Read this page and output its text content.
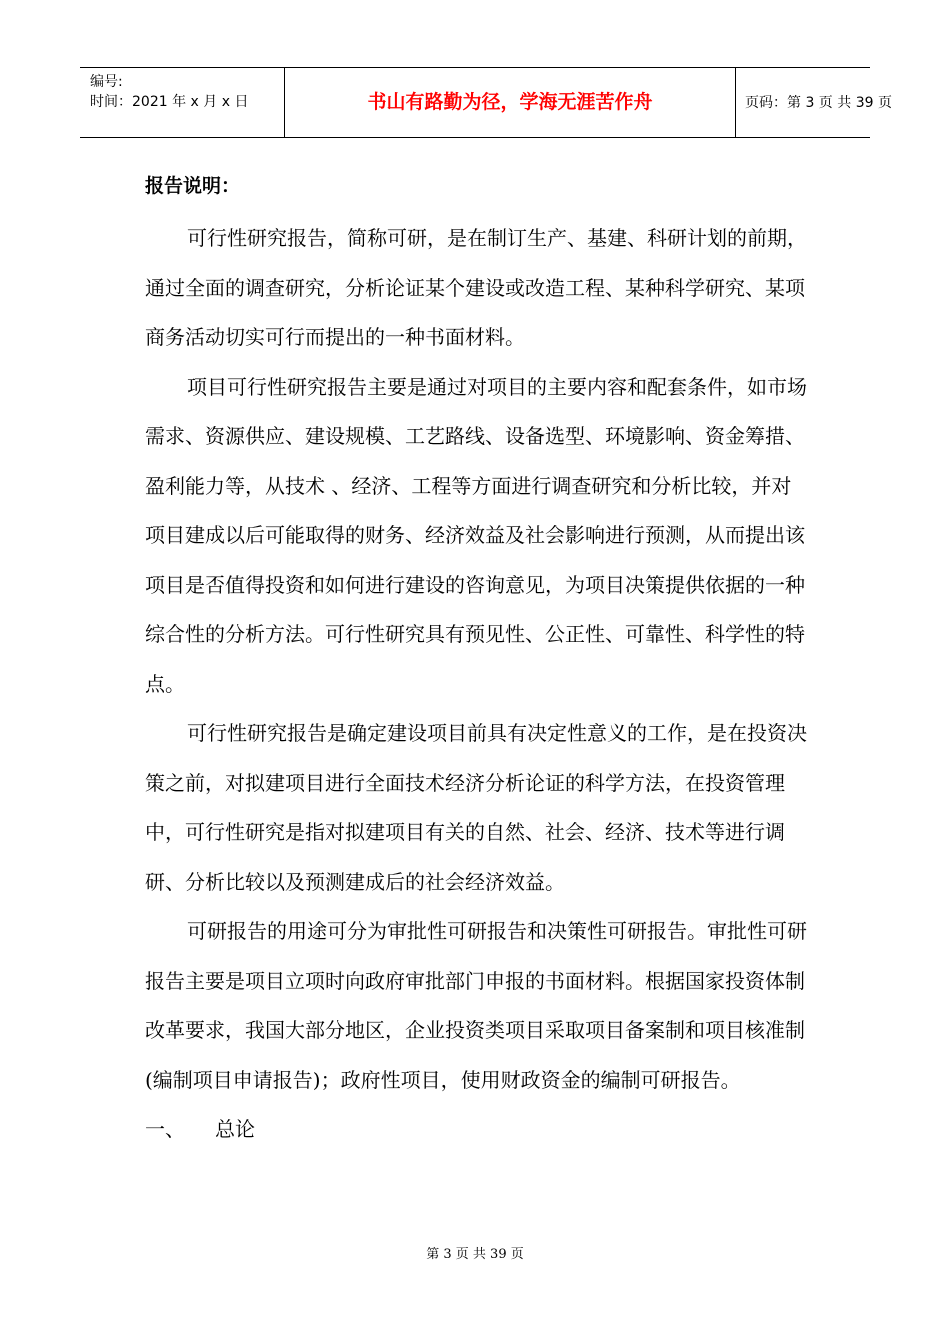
编号:
时间：2021 年 x 月 x 日	书山有路勤为径，学海无涯苦作舟	页码：第 3 页 共 39 页
报告说明：

可行性研究报告，简称可研，是在制订生产、基建、科研计划的前期，通过全面的调查研究，分析论证某个建设或改造工程、某种科学研究、某项商务活动切实可行而提出的一种书面材料。

项目可行性研究报告主要是通过对项目的主要内容和配套条件，如市场需求、资源供应、建设规模、工艺路线、设备选型、环境影响、资金筹措、盈利能力等，从技术 、经济、工程等方面进行调查研究和分析比较，并对项目建成以后可能取得的财务、经济效益及社会影响进行预测，从而提出该项目是否值得投资和如何进行建设的咨询意见，为项目决策提供依据的一种综合性的分析方法。可行性研究具有预见性、公正性、可靠性、科学性的特点。

可行性研究报告是确定建设项目前具有决定性意义的工作，是在投资决策之前，对拟建项目进行全面技术经济分析论证的科学方法，在投资管理中，可行性研究是指对拟建项目有关的自然、社会、经济、技术等进行调研、分析比较以及预测建成后的社会经济效益。

可研报告的用途可分为审批性可研报告和决策性可研报告。审批性可研报告主要是项目立项时向政府审批部门申报的书面材料。根据国家投资体制改革要求，我国大部分地区，企业投资类项目采取项目备案制和项目核准制(编制项目申请报告)；政府性项目，使用财政资金的编制可研报告。

一、 总论

第 3 页 共 39 页
